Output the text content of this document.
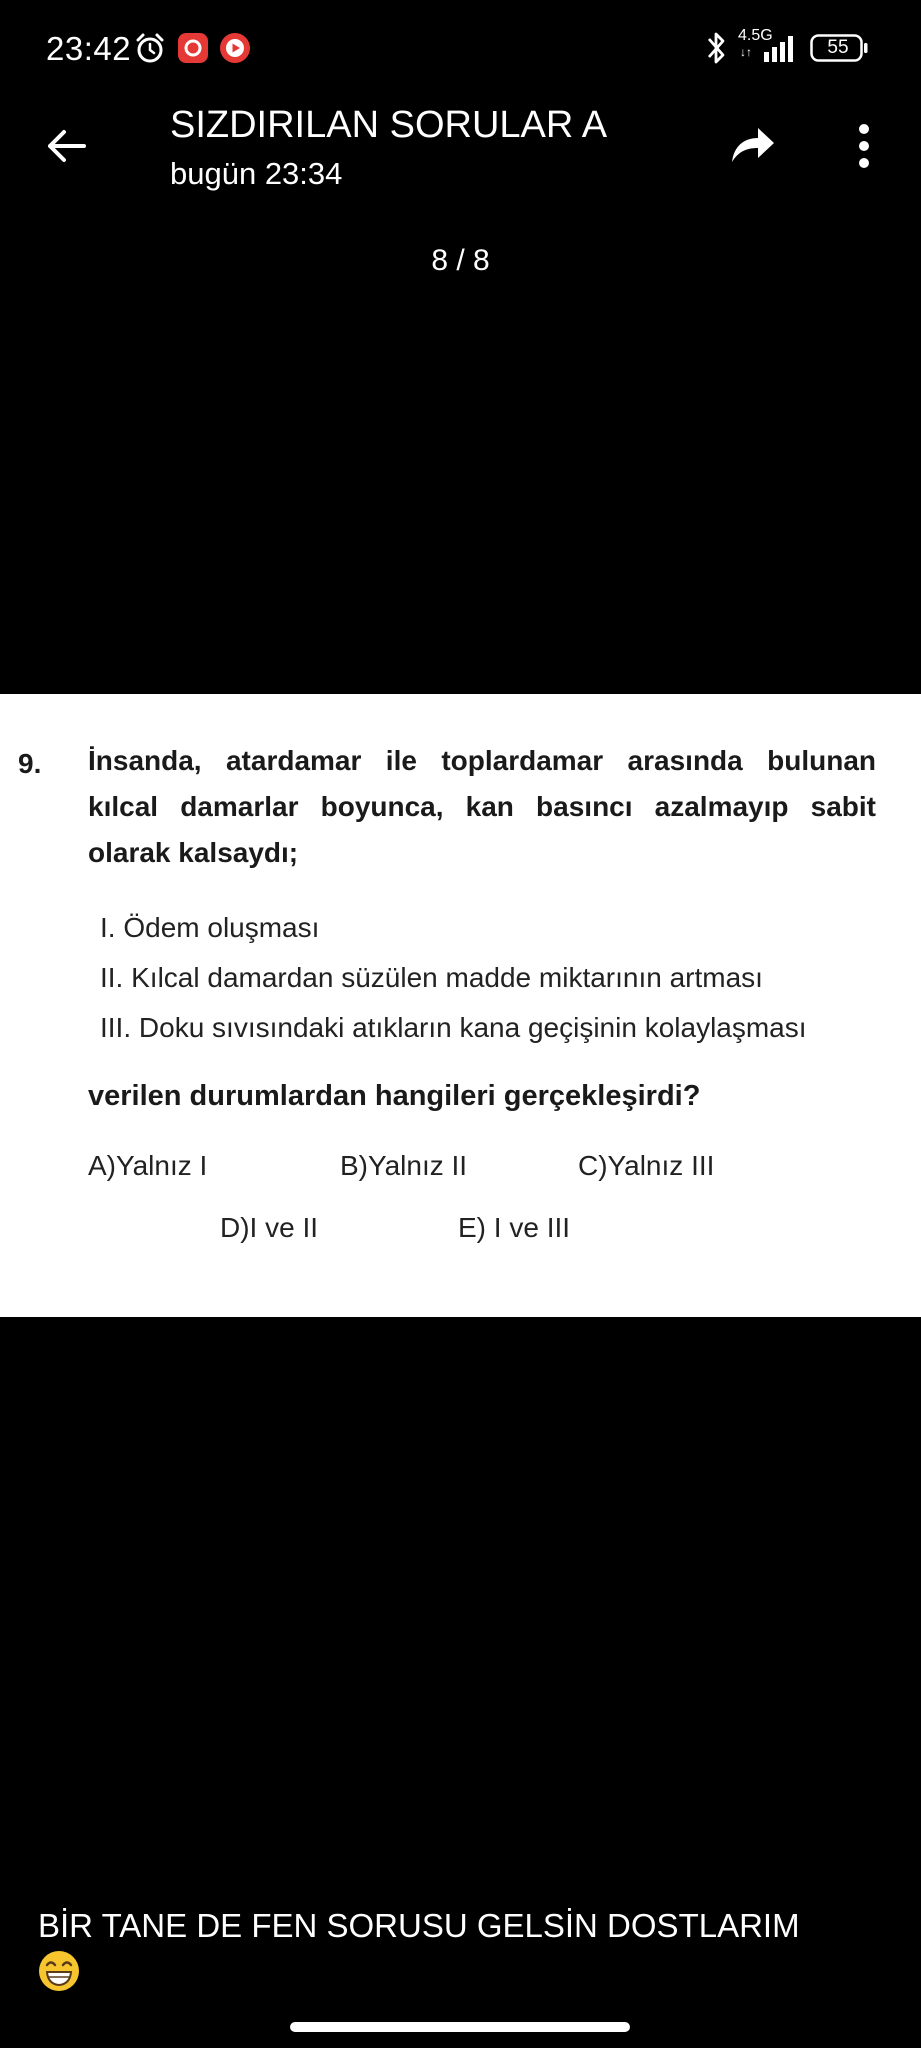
23:42	4.5G
↓↑	55
SIZDIRILAN SORULAR A
bugün 23:34
8 / 8
9. İnsanda, atardamar ile toplardamar arasında bulunan
kılcal damarlar boyunca, kan basıncı azalmayıp sabit
olarak kalsaydı;
I. Ödem oluşması
II. Kılcal damardan süzülen madde miktarının artması
III. Doku sıvısındaki atıkların kana geçişinin kolaylaşması
verilen durumlardan hangileri gerçekleşirdi?
A)Yalnız I	B)Yalnız II	C)Yalnız III
D)I ve II	E) I ve III
BİR TANE DE FEN SORUSU GELSİN DOSTLARIM
